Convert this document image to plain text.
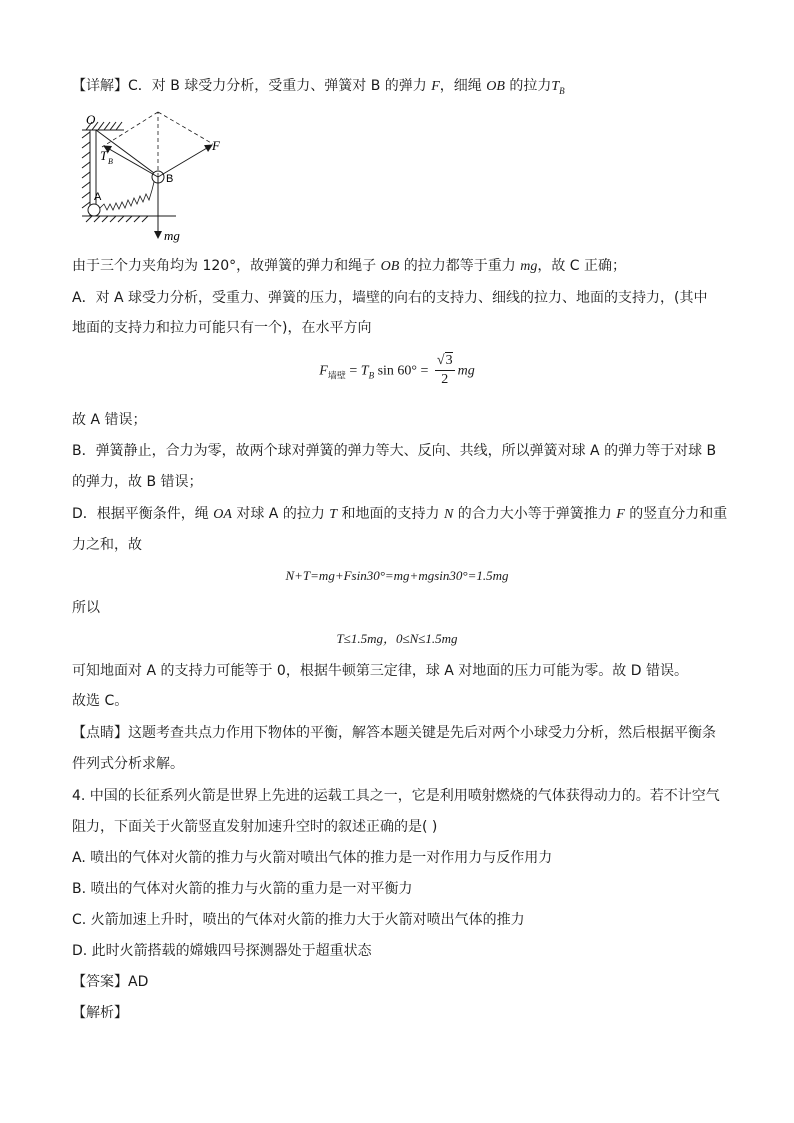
【详解】C．对 B 球受力分析，受重力、弹簧对 B 的弹力 F，细绳 OB 的拉力$T_B$
O
T B
B
A
F
mg
由于三个力夹角均为 120°，故弹簧的弹力和绳子 OB 的拉力都等于重力 mg，故 C 正确；
A．对 A 球受力分析，受重力、弹簧的压力，墙壁的向右的支持力、细线的拉力、地面的支持力，(其中
地面的支持力和拉力可能只有一个)，在水平方向
$F_{墙壁} = T_B$ $\sin 60^\circ = \frac{√3}{2}$ mg
故 A 错误；
B．弹簧静止，合力为零，故两个球对弹簧的弹力等大、反向、共线，所以弹簧对球 A 的弹力等于对球 B
的弹力，故 B 错误；
D．根据平衡条件，绳 OA 对球 A 的拉力 T 和地面的支持力 N 的合力大小等于弹簧推力 F 的竖直分力和重
力之和，故
N+T=mg+Fsin30°=mg+mgsin30°=1.5mg
所以
T≤1.5mg，0≤N≤1.5mg
可知地面对 A 的支持力可能等于 0，根据牛顿第三定律，球 A 对地面的压力可能为零。故 D 错误。
故选 C。
【点睛】这题考查共点力作用下物体的平衡，解答本题关键是先后对两个小球受力分析，然后根据平衡条
件列式分析求解。
4. 中国的长征系列火箭是世界上先进的运载工具之一，它是利用喷射燃烧的气体获得动力的。若不计空气
阻力，下面关于火箭竖直发射加速升空时的叙述正确的是( )
A. 喷出的气体对火箭的推力与火箭对喷出气体的推力是一对作用力与反作用力
B. 喷出的气体对火箭的推力与火箭的重力是一对平衡力
C. 火箭加速上升时，喷出的气体对火箭的推力大于火箭对喷出气体的推力
D. 此时火箭搭载的嫦娥四号探测器处于超重状态
【答案】AD
【解析】
